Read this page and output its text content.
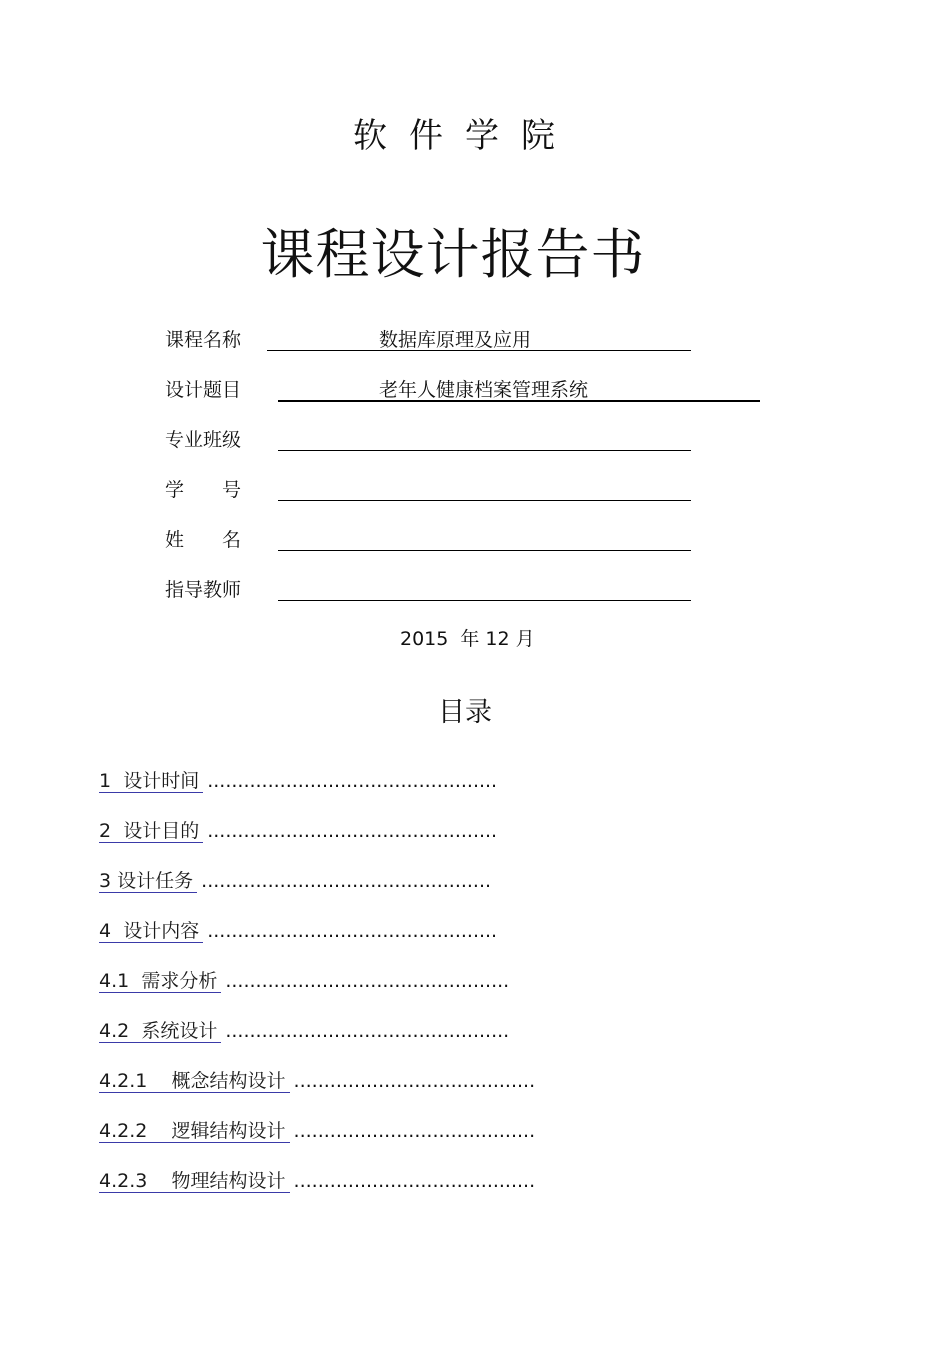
软件学院
课程设计报告书
课程名称	数据库原理及应用
设计题目	老年人健康档案管理系统
专业班级
学　　号
姓　　名
指导教师
2015 年 12 月
目录
1 设计时间 ................................................
2 设计目的 ................................................
3 设计任务 ................................................
4 设计内容 ................................................
4.1 需求分析 ...............................................
4.2 系统设计 ...............................................
4.2.1 概念结构设计 ........................................
4.2.2 逻辑结构设计 ........................................
4.2.3 物理结构设计 ........................................
